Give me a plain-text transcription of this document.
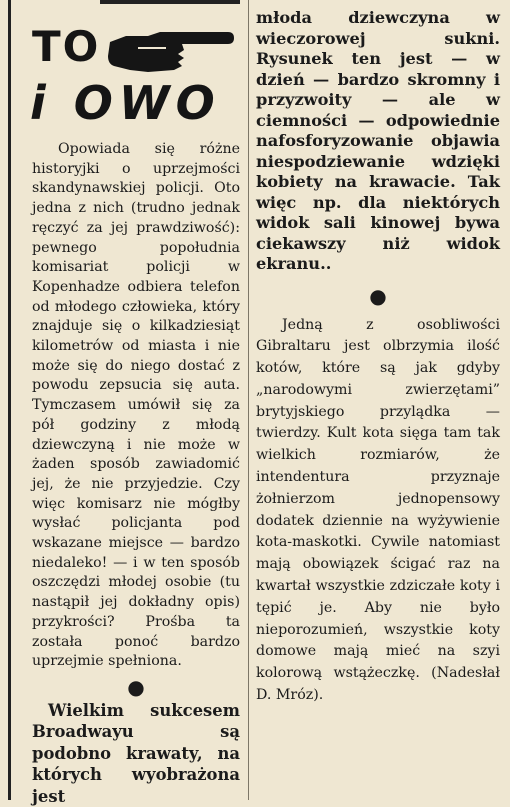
TO
i OWO

Opowiada się różne historyjki o uprzejmości skandynawskiej policji. Oto jedna z nich (trudno jednak ręczyć za jej prawdziwość): pewnego popołudnia komisariat policji w Kopenhadze odbiera telefon od młodego człowieka, który znajduje się o kilkadziesiąt kilometrów od miasta i nie może się do niego dostać z powodu zepsucia się auta. Tymczasem umówił się za pół godziny z młodą dziewczyną i nie może w żaden sposób zawiadomić jej, że nie przyjedzie. Czy więc komisarz nie mógłby wysłać policjanta pod wskazane miejsce — bardzo niedaleko! — i w ten sposób oszczędzi młodej osobie (tu nastąpił jej dokładny opis) przykrości? Prośba ta została ponoć bardzo uprzejmie spełniona.

●

Wielkim sukcesem Broadwayu są podobno krawaty, na których wyobrażona jest

młoda dziewczyna w wieczorowej sukni. Rysunek ten jest — w dzień — bardzo skromny i przyzwoity — ale w ciemności — odpowiednie nafosforyzowanie objawia niespodziewanie wdzięki kobiety na krawacie. Tak więc np. dla niektórych widok sali kinowej bywa ciekawszy niż widok ekranu..

●

Jedną z osobliwości Gibraltaru jest olbrzymia ilość kotów, które są jak gdyby „narodowymi zwierzętami” brytyjskiego przylądka — twierdzy. Kult kota sięga tam tak wielkich rozmiarów, że intendentura przyznaje żołnierzom jednopensowy dodatek dziennie na wyżywienie kota-maskotki. Cywile natomiast mają obowiązek ścigać raz na kwartał wszystkie zdziczałe koty i tępić je. Aby nie było nieporozumień, wszystkie koty domowe mają mieć na szyi kolorową wstążeczkę. (Nadesłał D. Mróz).
